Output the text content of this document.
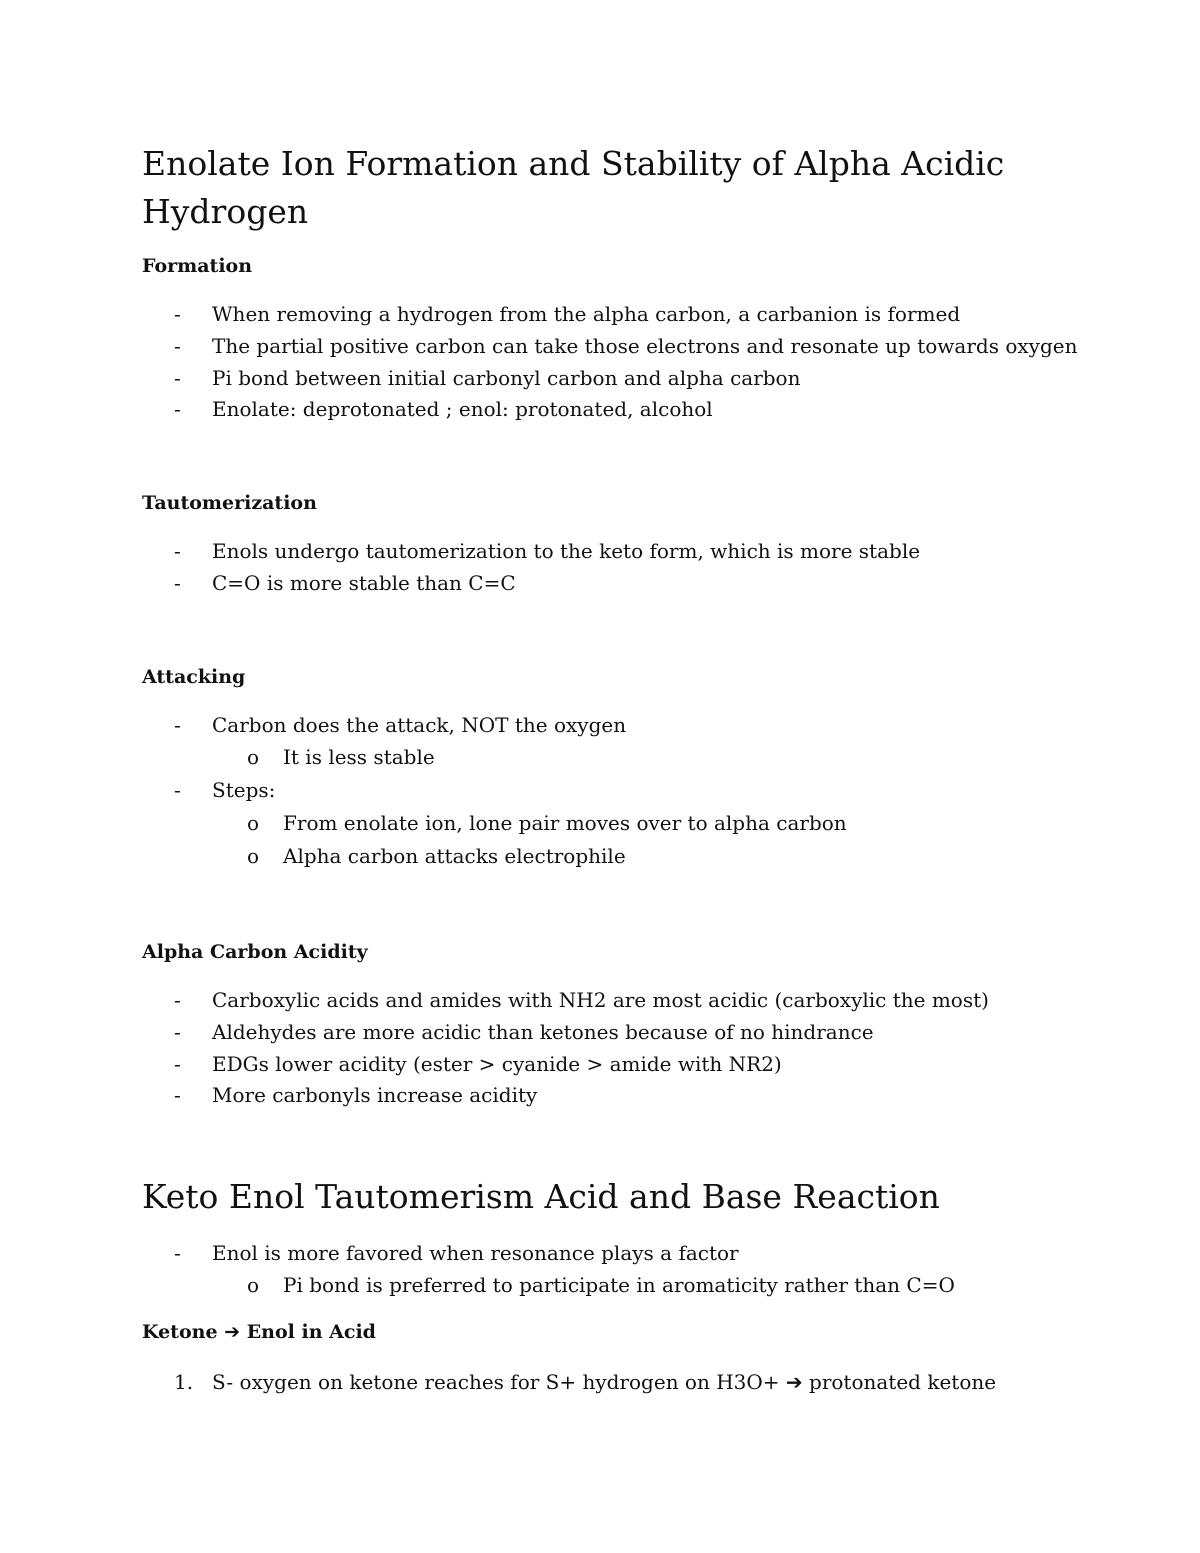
Enolate Ion Formation and Stability of Alpha Acidic
Hydrogen
Formation
- When removing a hydrogen from the alpha carbon, a carbanion is formed
- The partial positive carbon can take those electrons and resonate up towards oxygen
- Pi bond between initial carbonyl carbon and alpha carbon
- Enolate: deprotonated ; enol: protonated, alcohol
Tautomerization
- Enols undergo tautomerization to the keto form, which is more stable
- C=O is more stable than C=C
Attacking
- Carbon does the attack, NOT the oxygen
o It is less stable
- Steps:
o From enolate ion, lone pair moves over to alpha carbon
o Alpha carbon attacks electrophile
Alpha Carbon Acidity
- Carboxylic acids and amides with NH2 are most acidic (carboxylic the most)
- Aldehydes are more acidic than ketones because of no hindrance
- EDGs lower acidity (ester > cyanide > amide with NR2)
- More carbonyls increase acidity
Keto Enol Tautomerism Acid and Base Reaction
- Enol is more favored when resonance plays a factor
o Pi bond is preferred to participate in aromaticity rather than C=O
Ketone ➔ Enol in Acid
1. S- oxygen on ketone reaches for S+ hydrogen on H3O+ ➔ protonated ketone
